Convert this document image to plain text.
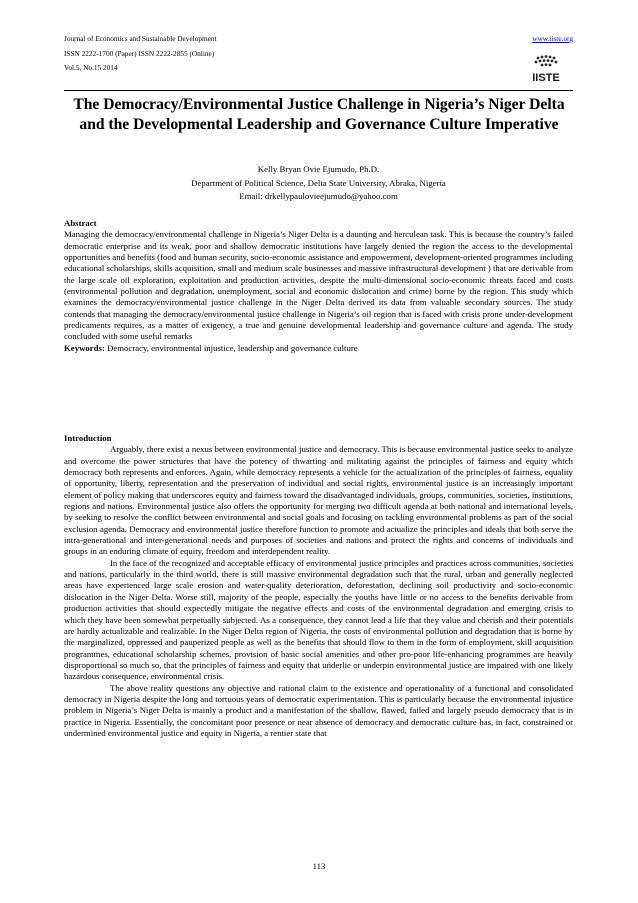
Journal of Economics and Sustainable Development
ISSN 2222-1700 (Paper) ISSN 2222-2855 (Online)
Vol.5, No.15 2014
www.iiste.org
IISTE
The Democracy/Environmental Justice Challenge in Nigeria’s Niger Delta and the Developmental Leadership and Governance Culture Imperative
Kelly Bryan Ovie Ejumudo, Ph.D.
Department of Political Science, Delta State University, Abraka, Nigeria
Email: drkellypaulovieejumudo@yahoo.com
Abstract

Managing the democracy/environmental challenge in Nigeria’s Niger Delta is a daunting and herculean task. This is because the country’s failed democratic enterprise and its weak, poor and shallow democratic institutions have largely denied the region the access to the developmental opportunities and benefits (food and human security, socio-economic assistance and empowerment, development-oriented programmes including educational scholarships, skills acquisition, small and medium scale businesses and massive infrastructural development ) that are derivable from the large scale oil exploration, exploitation and production activities, despite the multi-dimensional socio-economic threats faced and costs (environmental pollution and degradation, unemployment, social and economic dislocation and crime) borne by the region. This study which examines the democracy/environmental justice challenge in the Niger Delta derived its data from valuable secondary sources. The study contends that managing the democracy/environmental justice challenge in Nigeria’s oil region that is faced with crisis prone under-development predicaments requires, as a matter of exigency, a true and genuine developmental leadership and governance culture and agenda. The study concluded with some useful remarks

Keywords: Democracy, environmental injustice, leadership and governance culture

Introduction

Arguably, there exist a nexus between environmental justice and democracy. This is because environmental justice seeks to analyze and overcome the power structures that have the potency of thwarting and militating against the principles of fairness and equity which democracy both represents and enforces. Again, while democracy represents a vehicle for the actualization of the principles of fairness, equality of opportunity, liberty, representation and the preservation of individual and social rights, environmental justice is an increasingly important element of policy making that underscores equity and fairness toward the disadvantaged individuals, groups, communities, societies, institutions, regions and nations. Environmental justice also offers the opportunity for merging two difficult agenda at both national and international levels, by seeking to resolve the conflict between environmental and social goals and focusing on tackling environmental problems as part of the social exclusion agenda. Democracy and environmental justice therefore function to promote and actualize the principles and ideals that both serve the intra-generational and inter-generational needs and purposes of societies and nations and protect the rights and concerns of individuals and groups in an enduring climate of equity, freedom and interdependent reality.

In the face of the recognized and acceptable efficacy of environmental justice principles and practices across communities, societies and nations, particularly in the third world, there is still massive environmental degradation such that the rural, urban and generally neglected areas have experienced large scale erosion and water-quality deterioration, deforestation, declining soil productivity and socio-economic dislocation in the Niger Delta. Worse still, majority of the people, especially the youths have little or no access to the benefits derivable from production activities that should expectedly mitigate the negative effects and costs of the environmental degradation and emerging crisis to which they have been somewhat perpetually subjected. As a consequence, they cannot lead a life that they value and cherish and their potentials are hardly actualizable and realizable. In the Niger Delta region of Nigeria, the costs of environmental pollution and degradation that is borne by the marginalized, oppressed and pauperized people as well as the benefits that should flow to them in the form of employment, skill acquisition programmes, educational scholarship schemes, provision of basic social amenities and other pro-poor life-enhancing programmes are heavily disproportional so much so, that the principles of fairness and equity that underlie or underpin environmental justice are impaired with one likely hazardous consequence, environmental crisis.

The above reality questions any objective and rational claim to the existence and operationality of a functional and consolidated democracy in Nigeria despite the long and tortuous years of democratic experimentation. This is particularly because the environmental injustice problem in Nigeria’s Niger Delta is mainly a product and a manifestation of the shallow, flawed, failed and largely pseudo democracy that is in practice in Nigeria. Essentially, the concomitant poor presence or near absence of democracy and democratic culture has, in fact, constrained or undermined environmental justice and equity in Nigeria, a rentier state that

113
